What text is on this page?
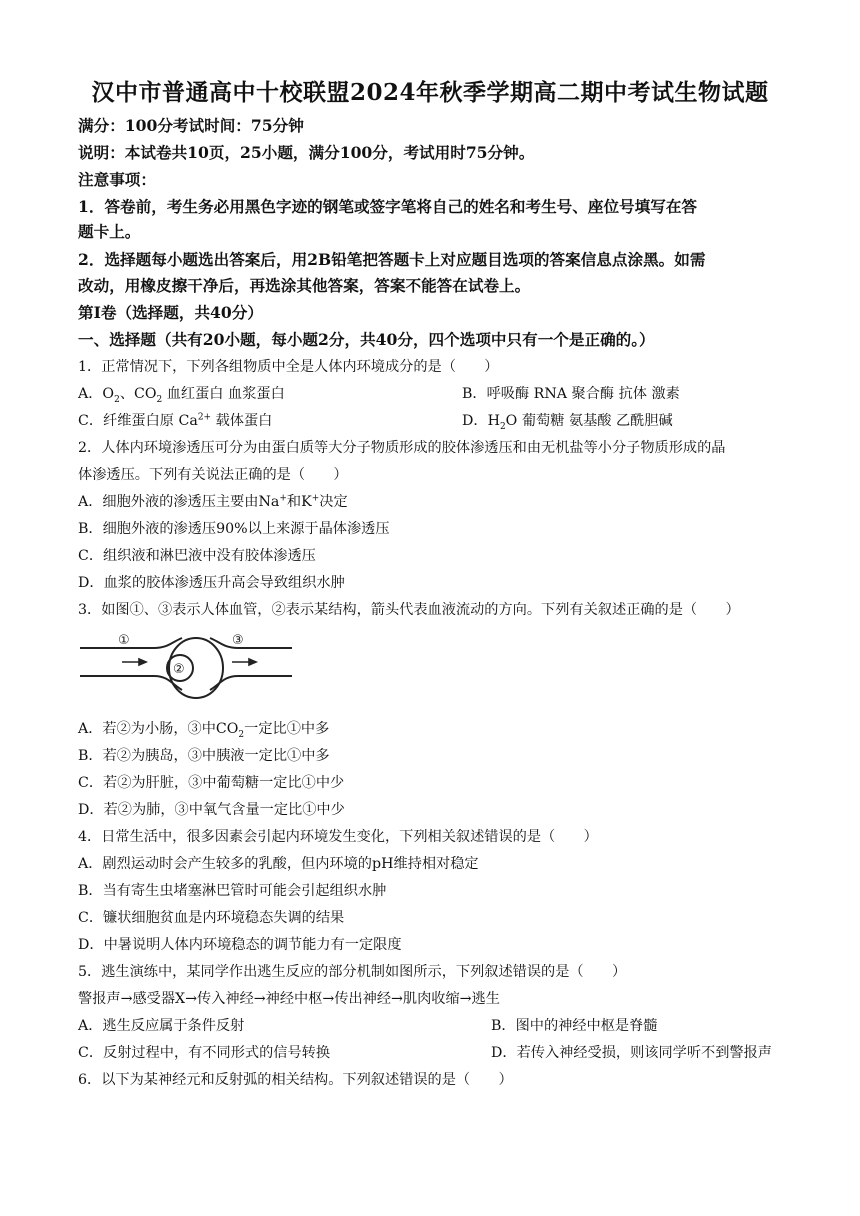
汉中市普通高中十校联盟2024年秋季学期高二期中考试生物试题
满分：100分考试时间：75分钟
说明：本试卷共10页，25小题，满分100分，考试用时75分钟。
注意事项：
1．答卷前，考生务必用黑色字迹的钢笔或签字笔将自己的姓名和考生号、座位号填写在答
题卡上。
2．选择题每小题选出答案后，用2B铅笔把答题卡上对应题目选项的答案信息点涂黑。如需
改动，用橡皮擦干净后，再选涂其他答案，答案不能答在试卷上。
第Ⅰ卷（选择题，共40分）
一、选择题（共有20小题，每小题2分，共40分，四个选项中只有一个是正确的。）
1．正常情况下，下列各组物质中全是人体内环境成分的是（　　）
A．$O_2$、$CO_2$ 血红蛋白 血浆蛋白	B．呼吸酶 RNA 聚合酶 抗体 激素
C．纤维蛋白原 $Ca^{2+}$ 载体蛋白	D．$H_2O$ 葡萄糖 氨基酸 乙酰胆碱
2．人体内环境渗透压可分为由蛋白质等大分子物质形成的胶体渗透压和由无机盐等小分子物质形成的晶
体渗透压。下列有关说法正确的是（　　）
A．细胞外液的渗透压主要由Na+和K+决定
B．细胞外液的渗透压90%以上来源于晶体渗透压
C．组织液和淋巴液中没有胶体渗透压
D．血浆的胶体渗透压升高会导致组织水肿
3．如图①、③表示人体血管，②表示某结构，箭头代表血液流动的方向。下列有关叙述正确的是（　　）
①
②
③
A．若②为小肠，③中$CO_2$一定比①中多
B．若②为胰岛，③中胰液一定比①中多
C．若②为肝脏，③中葡萄糖一定比①中少
D．若②为肺，③中氧气含量一定比①中少
4．日常生活中，很多因素会引起内环境发生变化，下列相关叙述错误的是（　　）
A．剧烈运动时会产生较多的乳酸，但内环境的pH维持相对稳定
B．当有寄生虫堵塞淋巴管时可能会引起组织水肿
C．镰状细胞贫血是内环境稳态失调的结果
D．中暑说明人体内环境稳态的调节能力有一定限度
5．逃生演练中，某同学作出逃生反应的部分机制如图所示，下列叙述错误的是（　　）
警报声→感受器X→传入神经→神经中枢→传出神经→肌肉收缩→逃生
A．逃生反应属于条件反射	B．图中的神经中枢是脊髓
C．反射过程中，有不同形式的信号转换	D．若传入神经受损，则该同学听不到警报声
6．以下为某神经元和反射弧的相关结构。下列叙述错误的是（　　）
